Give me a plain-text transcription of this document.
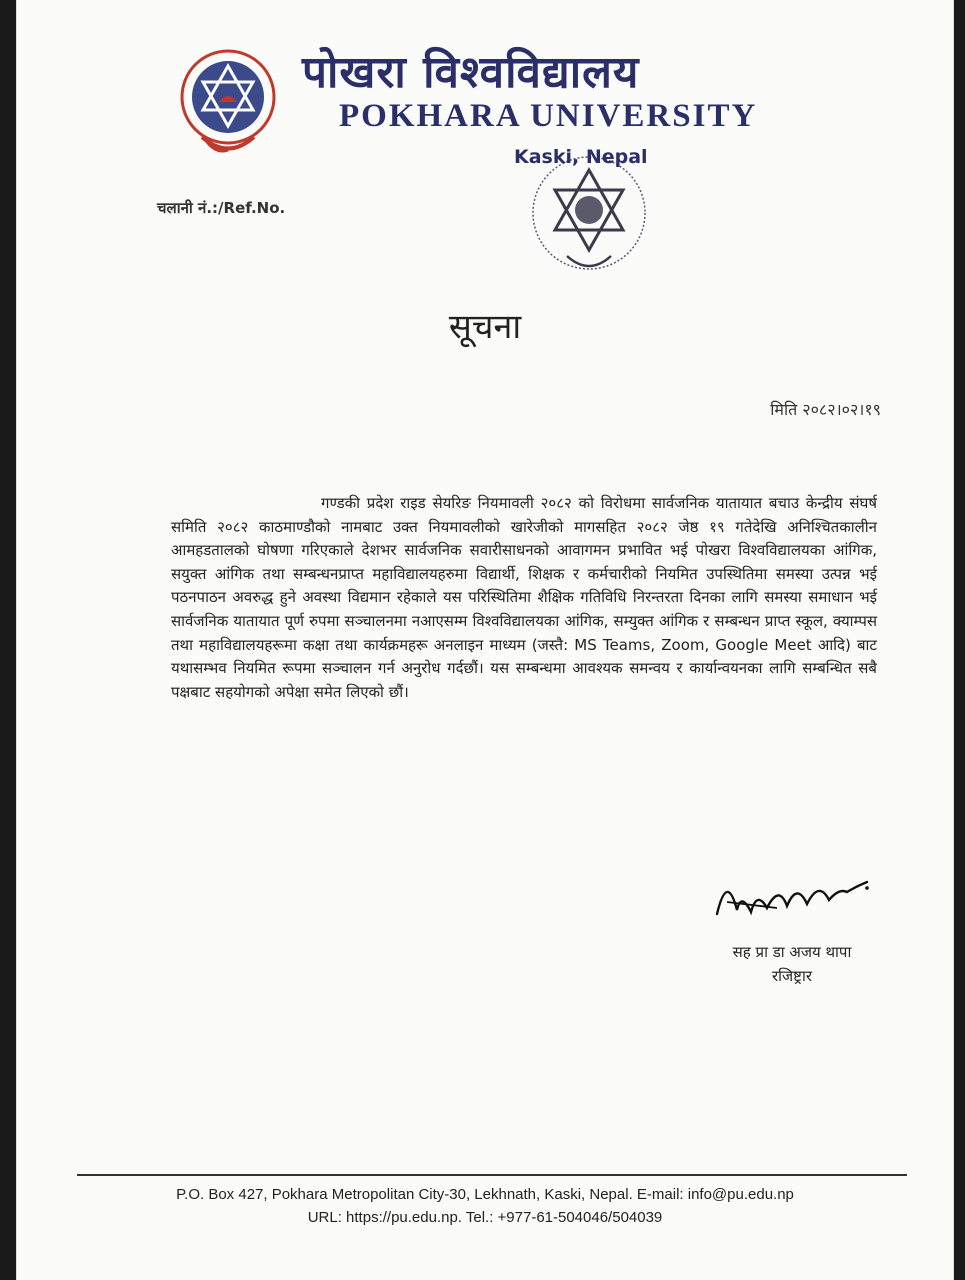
पोखरा विश्वविद्यालय
POKHARA UNIVERSITY
Kaski, Nepal
चलानी नं.:/Ref.No.
सूचना
मिति २०८२।०२।१९
गण्डकी प्रदेश राइड सेयरिङ नियमावली २०८२ को विरोधमा सार्वजनिक यातायात बचाउ केन्द्रीय संघर्ष समिति २०८२ काठमाण्डौको नामबाट उक्त नियमावलीको खारेजीको मागसहित २०८२ जेष्ठ १९ गतेदेखि अनिश्चितकालीन आमहडतालको घोषणा गरिएकाले देशभर सार्वजनिक सवारीसाधनको आवागमन प्रभावित भई पोखरा विश्वविद्यालयका आंगिक, सयुक्त आंगिक तथा सम्बन्धनप्राप्त महाविद्यालयहरुमा विद्यार्थी, शिक्षक र कर्मचारीको नियमित उपस्थितिमा समस्या उत्पन्न भई पठनपाठन अवरुद्ध हुने अवस्था विद्यमान रहेकाले यस परिस्थितिमा शैक्षिक गतिविधि निरन्तरता दिनका लागि समस्या समाधान भई सार्वजनिक यातायात पूर्ण रुपमा सञ्चालनमा नआएसम्म विश्वविद्यालयका आंगिक, सम्युक्त आंगिक र सम्बन्धन प्राप्त स्कूल, क्याम्पस तथा महाविद्यालयहरूमा कक्षा तथा कार्यक्रमहरू अनलाइन माध्यम (जस्तै: MS Teams, Zoom, Google Meet आदि) बाट यथासम्भव नियमित रूपमा सञ्चालन गर्न अनुरोध गर्दछौं। यस सम्बन्धमा आवश्यक समन्वय र कार्यान्वयनका लागि सम्बन्धित सबै पक्षबाट सहयोगको अपेक्षा समेत लिएको छौं।
सह प्रा डा अजय थापा
रजिष्ट्रार
P.O. Box 427, Pokhara Metropolitan City-30, Lekhnath, Kaski, Nepal. E-mail: info@pu.edu.np
URL: https://pu.edu.np. Tel.: +977-61-504046/504039
